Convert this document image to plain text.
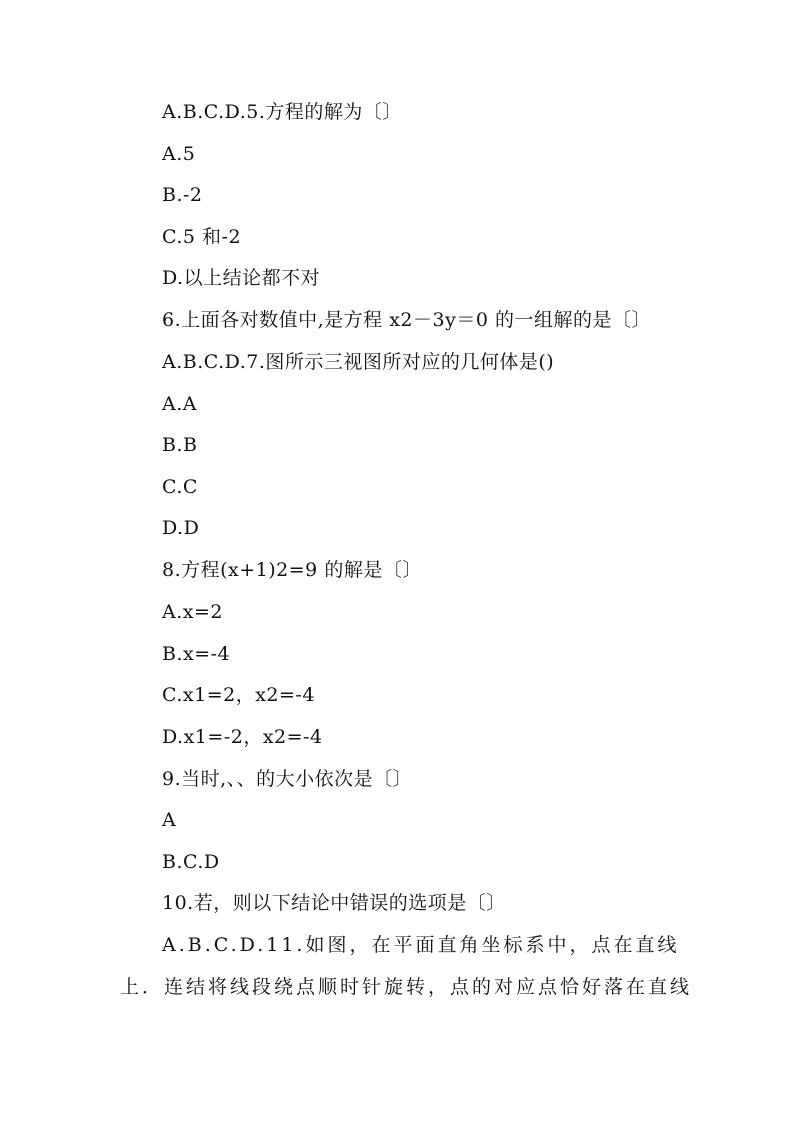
A.B.C.D.5.方程的解为〔〕
A.5
B.-2
C.5 和-2
D.以上结论都不对
6.上面各对数值中,是方程 x2－3y＝0 的一组解的是〔〕
A.B.C.D.7.图所示三视图所对应的几何体是()
A.A
B.B
C.C
D.D
8.方程(x+1)2=9 的解是〔〕
A.x=2
B.x=-4
C.x1=2，x2=-4
D.x1=-2，x2=-4
9.当时,、、的大小依次是〔〕
A
B.C.D
10.若，则以下结论中错误的选项是〔〕
A.B.C.D.11.如图，在平面直角坐标系中，点在直线
上．连结将线段绕点顺时针旋转，点的对应点恰好落在直线
